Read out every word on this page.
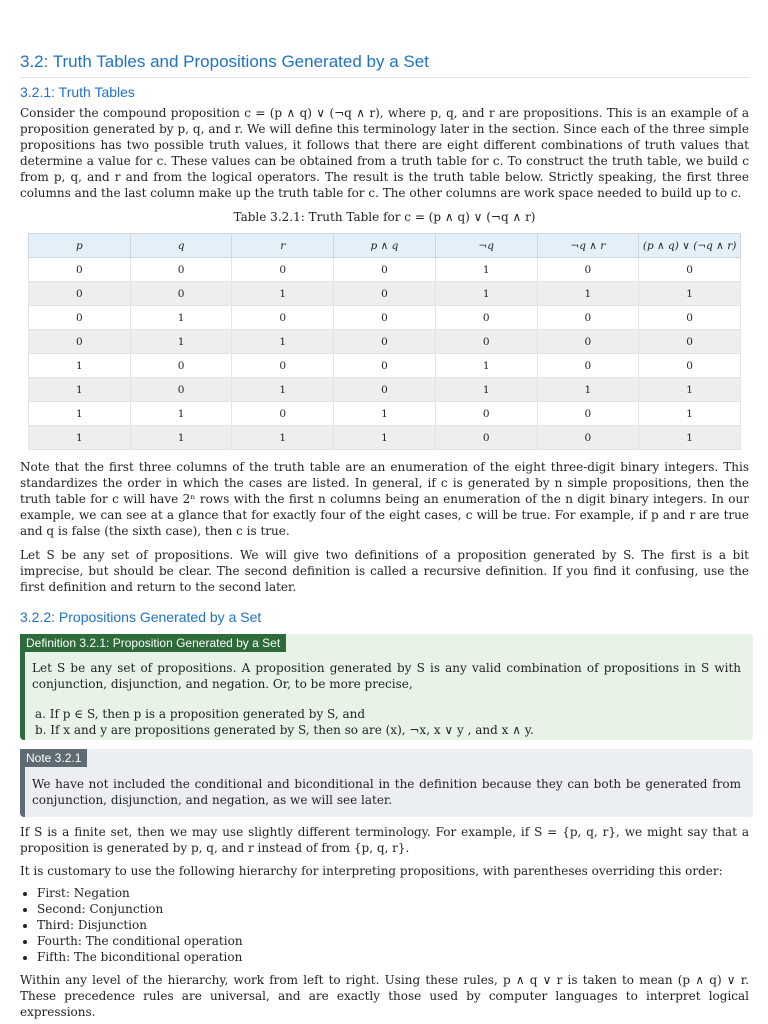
3.2: Truth Tables and Propositions Generated by a Set
3.2.1: Truth Tables

Consider the compound proposition c = (p ∧ q) ∨ (¬q ∧ r), where p, q, and r are propositions. This is an example of a proposition generated by p, q, and r. We will define this terminology later in the section. Since each of the three simple propositions has two possible truth values, it follows that there are eight different combinations of truth values that determine a value for c. These values can be obtained from a truth table for c. To construct the truth table, we build c from p, q, and r and from the logical operators. The result is the truth table below. Strictly speaking, the first three columns and the last column make up the truth table for c. The other columns are work space needed to build up to c.

Table 3.2.1: Truth Table for c = (p ∧ q) ∨ (¬q ∧ r)
p	q	r	p ∧ q	¬q	¬q ∧ r	(p ∧ q) ∨ (¬q ∧ r)
0	0	0	0	1	0	0
0	0	1	0	1	1	1
0	1	0	0	0	0	0
0	1	1	0	0	0	0
1	0	0	0	1	0	0
1	0	1	0	1	1	1
1	1	0	1	0	0	1
1	1	1	1	0	0	1

Note that the first three columns of the truth table are an enumeration of the eight three-digit binary integers. This standardizes the order in which the cases are listed. In general, if c is generated by n simple propositions, then the truth table for c will have 2ⁿ rows with the first n columns being an enumeration of the n digit binary integers. In our example, we can see at a glance that for exactly four of the eight cases, c will be true. For example, if p and r are true and q is false (the sixth case), then c is true.

Let S be any set of propositions. We will give two definitions of a proposition generated by S. The first is a bit imprecise, but should be clear. The second definition is called a recursive definition. If you find it confusing, use the first definition and return to the second later.

3.2.2: Propositions Generated by a Set
Definition 3.2.1: Proposition Generated by a Set
Let S be any set of propositions. A proposition generated by S is any valid combination of propositions in S with conjunction, disjunction, and negation. Or, to be more precise,
a. If p ∈ S, then p is a proposition generated by S, and
b. If x and y are propositions generated by S, then so are (x), ¬x, x ∨ y , and x ∧ y.
Note 3.2.1
We have not included the conditional and biconditional in the definition because they can both be generated from conjunction, disjunction, and negation, as we will see later.

If S is a finite set, then we may use slightly different terminology. For example, if S = {p, q, r}, we might say that a proposition is generated by p, q, and r instead of from {p, q, r}.

It is customary to use the following hierarchy for interpreting propositions, with parentheses overriding this order:

• First: Negation
• Second: Conjunction
• Third: Disjunction
• Fourth: The conditional operation
• Fifth: The biconditional operation

Within any level of the hierarchy, work from left to right. Using these rules, p ∧ q ∨ r is taken to mean (p ∧ q) ∨ r. These precedence rules are universal, and are exactly those used by computer languages to interpret logical expressions.
